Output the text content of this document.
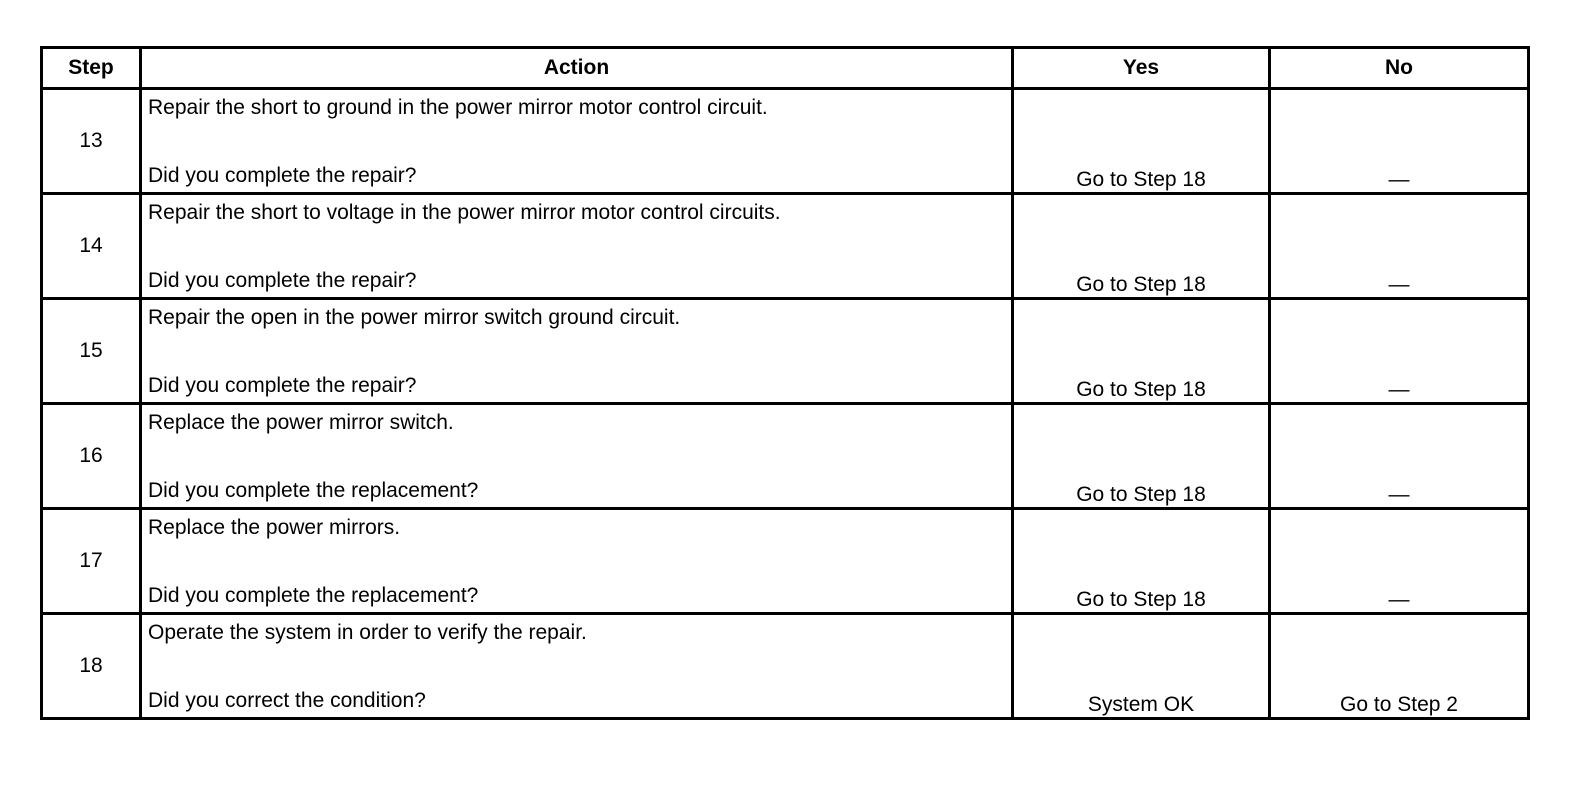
Step	Action	Yes	No
13	Repair the short to ground in the power mirror motor control circuit.
Did you complete the repair?	Go to Step 18	—
14	Repair the short to voltage in the power mirror motor control circuits.
Did you complete the repair?	Go to Step 18	—
15	Repair the open in the power mirror switch ground circuit.
Did you complete the repair?	Go to Step 18	—
16	Replace the power mirror switch.
Did you complete the replacement?	Go to Step 18	—
17	Replace the power mirrors.
Did you complete the replacement?	Go to Step 18	—
18	Operate the system in order to verify the repair.
Did you correct the condition?	System OK	Go to Step 2
